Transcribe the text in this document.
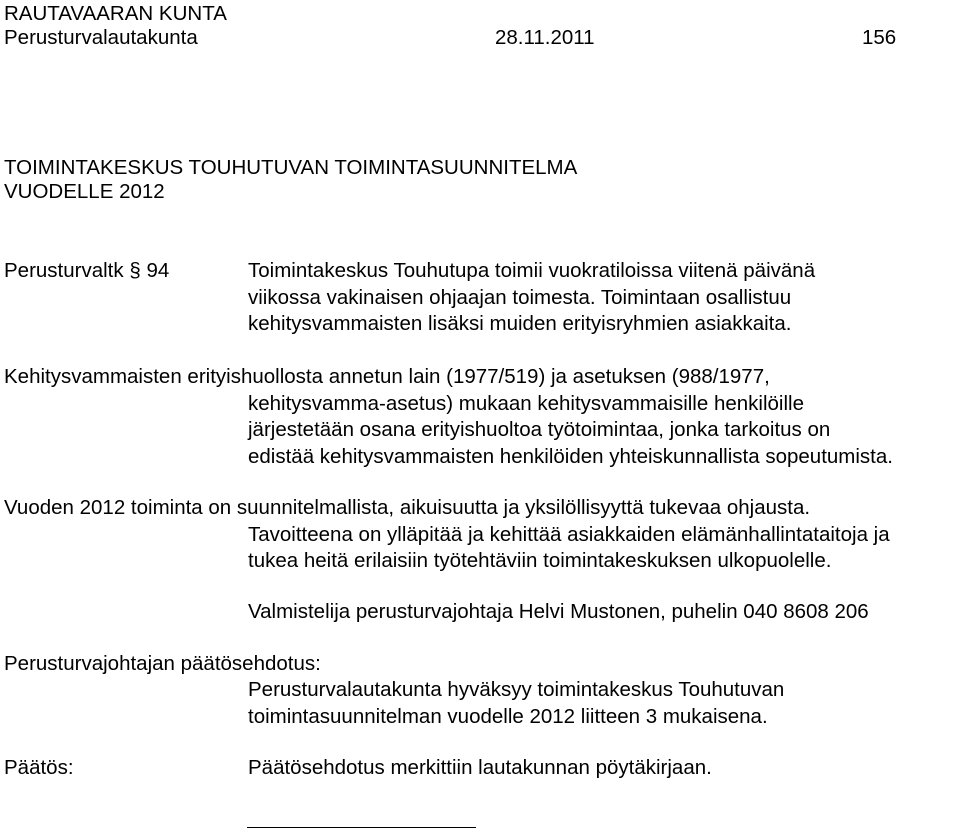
RAUTAVAARAN KUNTA
Perusturvalautakunta	28.11.2011	156
TOIMINTAKESKUS TOUHUTUVAN TOIMINTASUUNNITELMA
VUODELLE 2012
Perusturvaltk § 94	Toimintakeskus Touhutupa toimii vuokratiloissa viitenä päivänä
viikossa vakinaisen ohjaajan toimesta. Toimintaan osallistuu
kehitysvammaisten lisäksi muiden erityisryhmien asiakkaita.
Kehitysvammaisten erityishuollosta annetun lain (1977/519) ja asetuksen (988/1977,
kehitysvamma-asetus) mukaan kehitysvammaisille henkilöille
järjestetään osana erityishuoltoa työtoimintaa, jonka tarkoitus on
edistää kehitysvammaisten henkilöiden yhteiskunnallista sopeutumista.
Vuoden 2012 toiminta on suunnitelmallista, aikuisuutta ja yksilöllisyyttä tukevaa ohjausta.
Tavoitteena on ylläpitää ja kehittää asiakkaiden elämänhallintataitoja ja
tukea heitä erilaisiin työtehtäviin toimintakeskuksen ulkopuolelle.
Valmistelija perusturvajohtaja Helvi Mustonen, puhelin 040 8608 206
Perusturvajohtajan päätösehdotus:
Perusturvalautakunta hyväksyy toimintakeskus Touhutuvan
toimintasuunnitelman vuodelle 2012 liitteen 3 mukaisena.
Päätös:	Päätösehdotus merkittiin lautakunnan pöytäkirjaan.
